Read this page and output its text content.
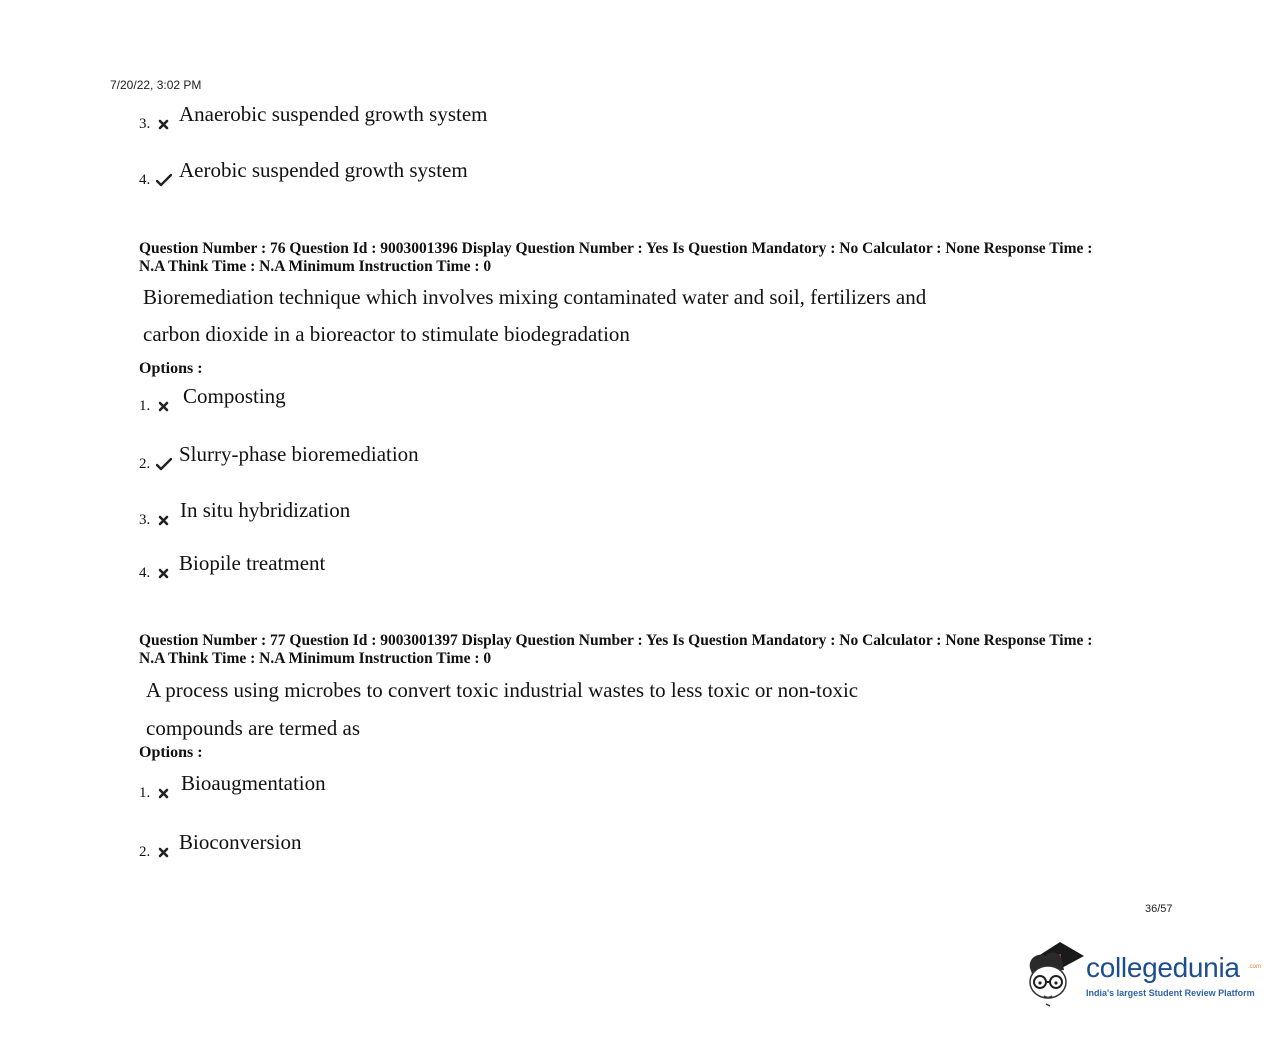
7/20/22, 3:02 PM
3. Anaerobic suspended growth system
4. Aerobic suspended growth system
Question Number : 76 Question Id : 9003001396 Display Question Number : Yes Is Question Mandatory : No Calculator : None Response Time :
N.A Think Time : N.A Minimum Instruction Time : 0
Bioremediation technique which involves mixing contaminated water and soil, fertilizers and
carbon dioxide in a bioreactor to stimulate biodegradation
Options :
1. Composting
2. Slurry-phase bioremediation
3. In situ hybridization
4. Biopile treatment
Question Number : 77 Question Id : 9003001397 Display Question Number : Yes Is Question Mandatory : No Calculator : None Response Time :
N.A Think Time : N.A Minimum Instruction Time : 0
A process using microbes to convert toxic industrial wastes to less toxic or non-toxic
compounds are termed as
Options :
1. Bioaugmentation
2. Bioconversion
36/57
collegedunia .com
India's largest Student Review Platform
